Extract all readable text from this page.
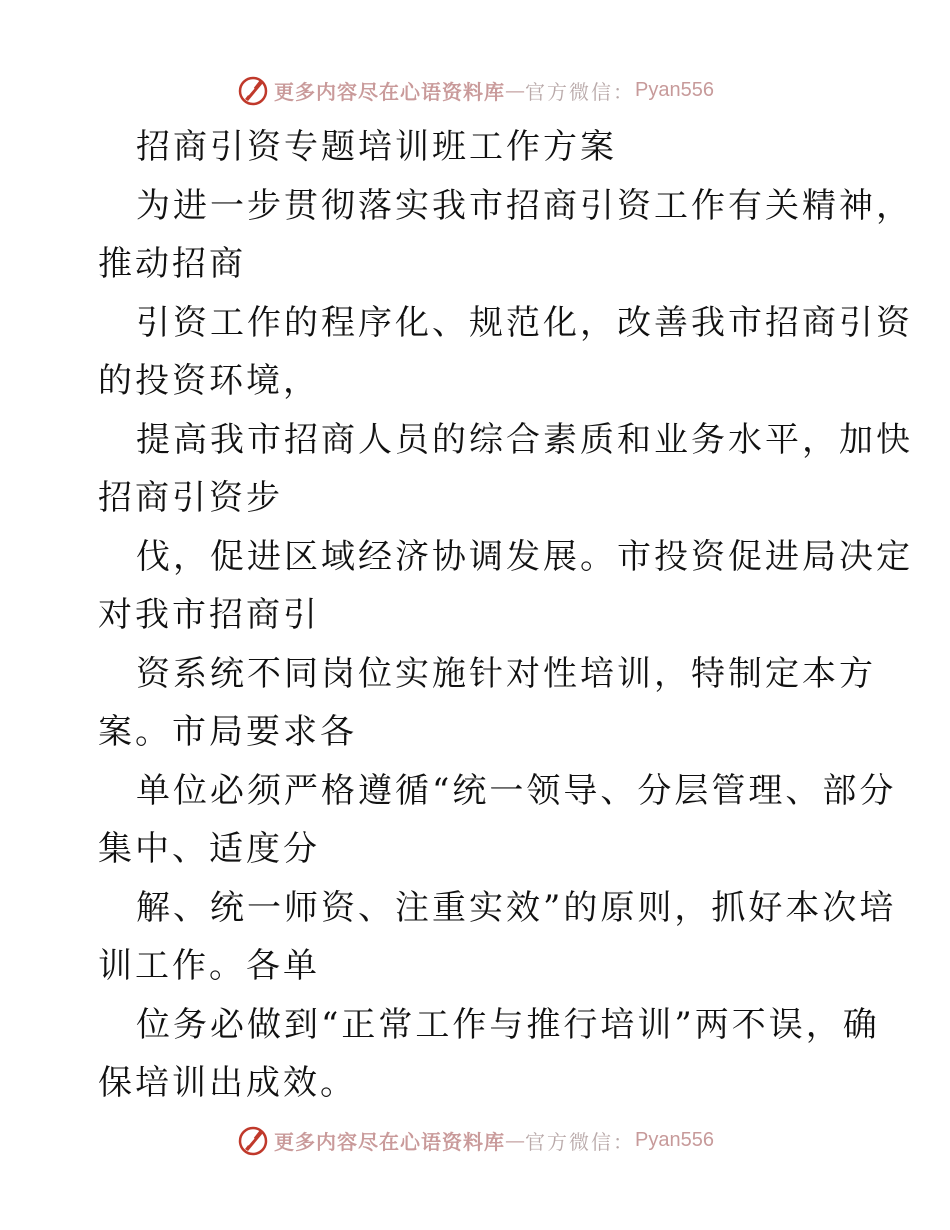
更多内容尽在心语资料库 — 官方微信： Pyan556
招商引资专题培训班工作方案
为进一步贯彻落实我市招商引资工作有关精神，
推动招商
引资工作的程序化、规范化，改善我市招商引资
的投资环境，
提高我市招商人员的综合素质和业务水平，加快
招商引资步
伐，促进区域经济协调发展。市投资促进局决定
对我市招商引
资系统不同岗位实施针对性培训，特制定本方
案。市局要求各
单位必须严格遵循“统一领导、分层管理、部分
集中、适度分
解、统一师资、注重实效”的原则，抓好本次培
训工作。各单
位务必做到“正常工作与推行培训”两不误，确
保培训出成效。
更多内容尽在心语资料库 — 官方微信： Pyan556
